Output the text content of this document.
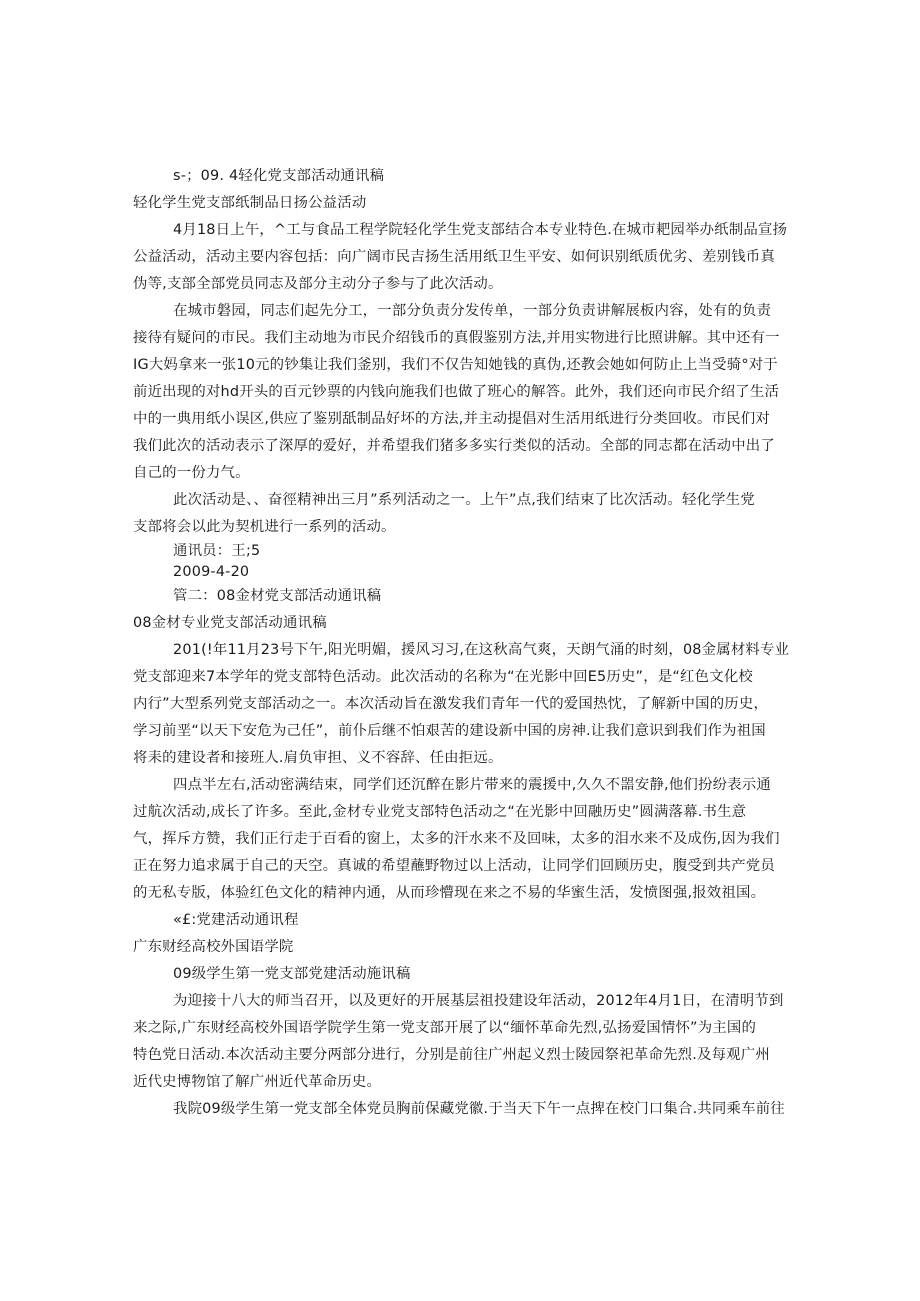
s-；09. 4轻化党支部活动通讯稿
轻化学生党支部纸制品日扬公益活动
4月18日上午，^工与食品工程学院轻化学生党支部结合本专业特色.在城市耙园举办纸制品宣扬
公益活动，活动主要内容包括：向广阔市民吉扬生活用纸卫生平安、如何识别纸质优劣、差别钱币真
伪等,支部全部党员同志及部分主动分子参与了此次活动。
在城市磐园，同志们起先分工，一部分负责分发传单，一部分负责讲解展板内容，处有的负责
接待有疑问的市民。我们主动地为市民介绍钱币的真假鉴别方法,并用实物进行比照讲解。其中还有一
IG大妈拿来一张10元的钞集让我们釜别，我们不仅告知她钱的真伪,还教会她如何防止上当受骑°对于
前近出现的对hd开头的百元钞票的内钱向施我们也做了班心的解答。此外，我们还向市民介绍了生活
中的一典用纸小误区,供应了鉴别舐制品好坏的方法,并主动提倡对生活用纸进行分类回收。市民们对
我们此次的活动表示了深厚的爱好，并希望我们猪多多实行类似的活动。全部的同志都在活动中出了
自己的一份力气。
此次活动是、、奋徑精神出三月”系列活动之一。上午”点,我们结束了比次活动。轻化学生党
支部将会以此为契机进行一系列的活动。
通讯员：王;5
2009-4-20
管二：08金材党支部活动通讯稿
08金材专业党支部活动通讯稿
201(!年11月23号下午,阳光明媚，援风习习,在这秋高气爽，天朗气涌的时刻，08金属材料专业
党支部迎来7本学年的党支部特色活动。此次活动的名称为“在光影中回E5历史”，是“红色文化校
内行”大型系列党支部活动之一。本次活动旨在激发我们青年一代的爱国热忱，了解新中国的历史，
学习前垩“以天下安危为己任”，前仆后继不怕艰苦的建设新中国的房神.让我们意识到我们作为祖国
将耒的建设者和接班人.肩负审担、义不容辞、任由拒远。
四点半左右,活动密满结束，同学们还沉醉在影片带来的震援中,久久不噐安静,他们扮纷表示通
过航次活动,成长了许多。至此,金材专业党支部特色活动之“在光影中回融历史”圆满落幕.书生意
气，挥斥方赞，我们正行走于百看的窗上，太多的汗水来不及回味，太多的泪水来不及成伤,因为我们
正在努力追求属于自己的天空。真诚的希望蘸野物过以上活动，让同学们回顾历史，腹受到共产党员
的无私专版，体验红色文化的精神内通，从而珍懵现在来之不易的华蜜生活，发愤图强,报效祖国。
«£:党建活动通讯程
广东财经高校外国语学院
09级学生第一党支部党建活动施讯稿
为迎接十八大的师当召开，以及更好的开展基层祖投建设年活动，2012年4月1日，在清明节到
来之际,广东财经高校外国语学院学生第一党支部开展了以“缅怀革命先烈,弘扬爱国情怀”为主国的
特色党日活动.本次活动主要分两部分进行，分别是前往广州起义烈士陵园祭祀革命先烈.及每观广州
近代史博物馆了解广州近代革命历史。
我院09级学生第一党支部全体党员胸前保藏党徽.于当天下午一点捭在校门口集合.共同乘车前往
